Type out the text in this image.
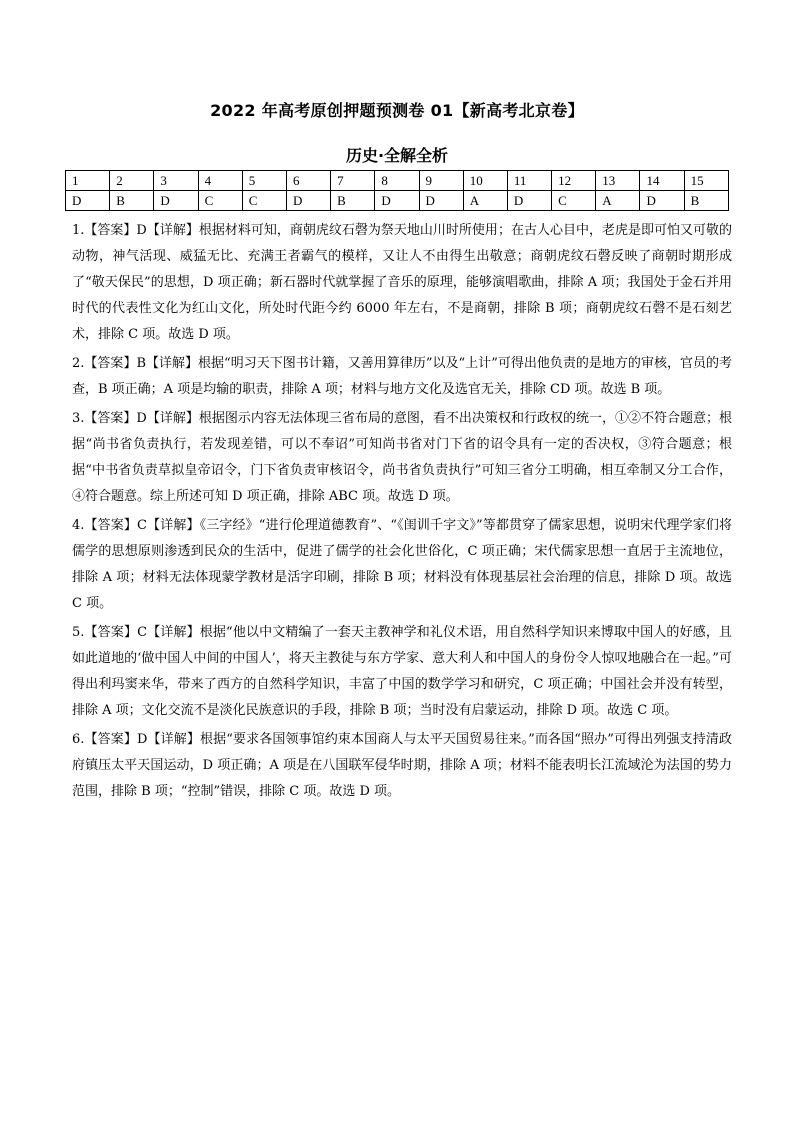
2022 年高考原创押题预测卷 01【新高考北京卷】
历史·全解全析
1	2	3	4	5	6	7	8	9	10	11	12	13	14	15
D	B	D	C	C	D	B	D	D	A	D	C	A	D	B

1.【答案】D【详解】根据材料可知，商朝虎纹石磬为祭天地山川时所使用；在古人心目中，老虎是即可怕又可敬的动物，神气活现、威猛无比、充满王者霸气的模样，又让人不由得生出敬意；商朝虎纹石磬反映了商朝时期形成了“敬天保民”的思想，D 项正确；新石器时代就掌握了音乐的原理，能够演唱歌曲，排除 A 项；我国处于金石并用时代的代表性文化为红山文化，所处时代距今约 6000 年左右，不是商朝，排除 B 项；商朝虎纹石磬不是石刻艺术，排除 C 项。故选 D 项。

2.【答案】B【详解】根据“明习天下图书计籍，又善用算律历”以及“上计”可得出他负责的是地方的审核，官员的考查，B 项正确；A 项是均输的职责，排除 A 项；材料与地方文化及选官无关，排除 CD 项。故选 B 项。

3.【答案】D【详解】根据图示内容无法体现三省布局的意图，看不出决策权和行政权的统一，①②不符合题意；根据“尚书省负责执行，若发现差错，可以不奉诏”可知尚书省对门下省的诏令具有一定的否决权，③符合题意；根据“中书省负责草拟皇帝诏令，门下省负责审核诏令，尚书省负责执行”可知三省分工明确，相互牵制又分工合作，④符合题意。综上所述可知 D 项正确，排除 ABC 项。故选 D 项。

4.【答案】C【详解】《三字经》“进行伦理道德教育”、“《闺训千字文》”等都贯穿了儒家思想，说明宋代理学家们将儒学的思想原则渗透到民众的生活中，促进了儒学的社会化世俗化，C 项正确；宋代儒家思想一直居于主流地位，排除 A 项；材料无法体现蒙学教材是活字印刷，排除 B 项；材料没有体现基层社会治理的信息，排除 D 项。故选 C 项。

5.【答案】C【详解】根据“他以中文精编了一套天主教神学和礼仪术语，用自然科学知识来博取中国人的好感，且如此道地的‘做中国人中间的中国人’，将天主教徒与东方学家、意大利人和中国人的身份令人惊叹地融合在一起。”可得出利玛窦来华，带来了西方的自然科学知识，丰富了中国的数学学习和研究，C 项正确；中国社会并没有转型，排除 A 项；文化交流不是淡化民族意识的手段，排除 B 项；当时没有启蒙运动，排除 D 项。故选 C 项。

6.【答案】D【详解】根据“要求各国领事馆约束本国商人与太平天国贸易往来。”而各国“照办”可得出列强支持清政府镇压太平天国运动，D 项正确；A 项是在八国联军侵华时期，排除 A 项；材料不能表明长江流域沦为法国的势力范围，排除 B 项；“控制”错误，排除 C 项。故选 D 项。
